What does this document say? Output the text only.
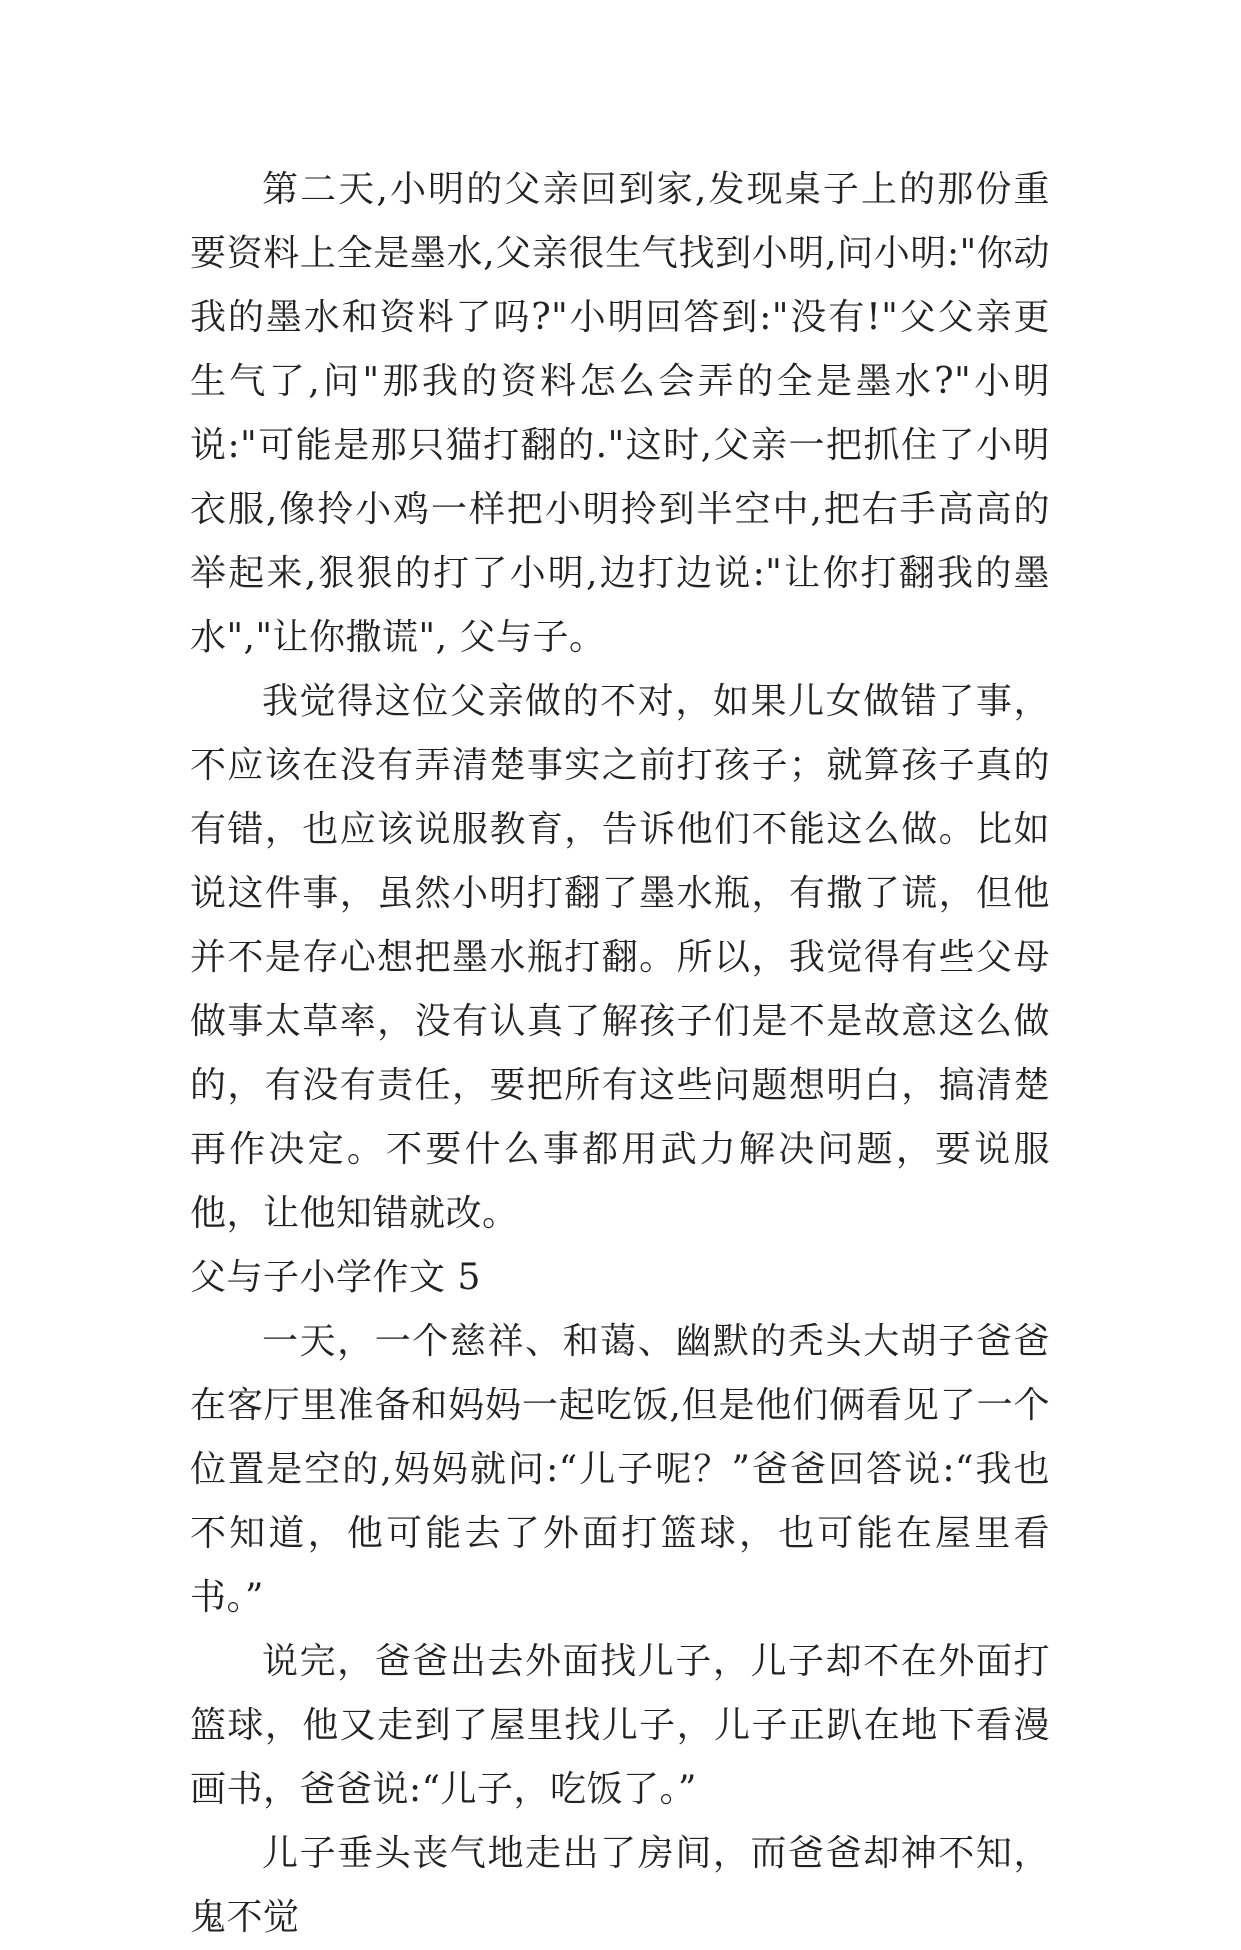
第二天,小明的父亲回到家,发现桌子上的那份重要资料上全是墨水,父亲很生气找到小明,问小明:"你动我的墨水和资料了吗?"小明回答到:"没有!"父父亲更生气了,问"那我的资料怎么会弄的全是墨水?"小明说:"可能是那只猫打翻的."这时,父亲一把抓住了小明衣服,像拎小鸡一样把小明拎到半空中,把右手高高的举起来,狠狠的打了小明,边打边说:"让你打翻我的墨水","让你撒谎", 父与子。

我觉得这位父亲做的不对，如果儿女做错了事，不应该在没有弄清楚事实之前打孩子；就算孩子真的有错，也应该说服教育，告诉他们不能这么做。比如说这件事，虽然小明打翻了墨水瓶，有撒了谎，但他并不是存心想把墨水瓶打翻。所以，我觉得有些父母做事太草率，没有认真了解孩子们是不是故意这么做的，有没有责任，要把所有这些问题想明白，搞清楚再作决定。不要什么事都用武力解决问题，要说服他，让他知错就改。

父与子小学作文 5

一天，一个慈祥、和蔼、幽默的秃头大胡子爸爸在客厅里准备和妈妈一起吃饭,但是他们俩看见了一个位置是空的,妈妈就问:“儿子呢？”爸爸回答说:“我也不知道，他可能去了外面打篮球，也可能在屋里看书。”

说完，爸爸出去外面找儿子，儿子却不在外面打篮球，他又走到了屋里找儿子，儿子正趴在地下看漫画书，爸爸说:“儿子，吃饭了。”

儿子垂头丧气地走出了房间，而爸爸却神不知，鬼不觉
